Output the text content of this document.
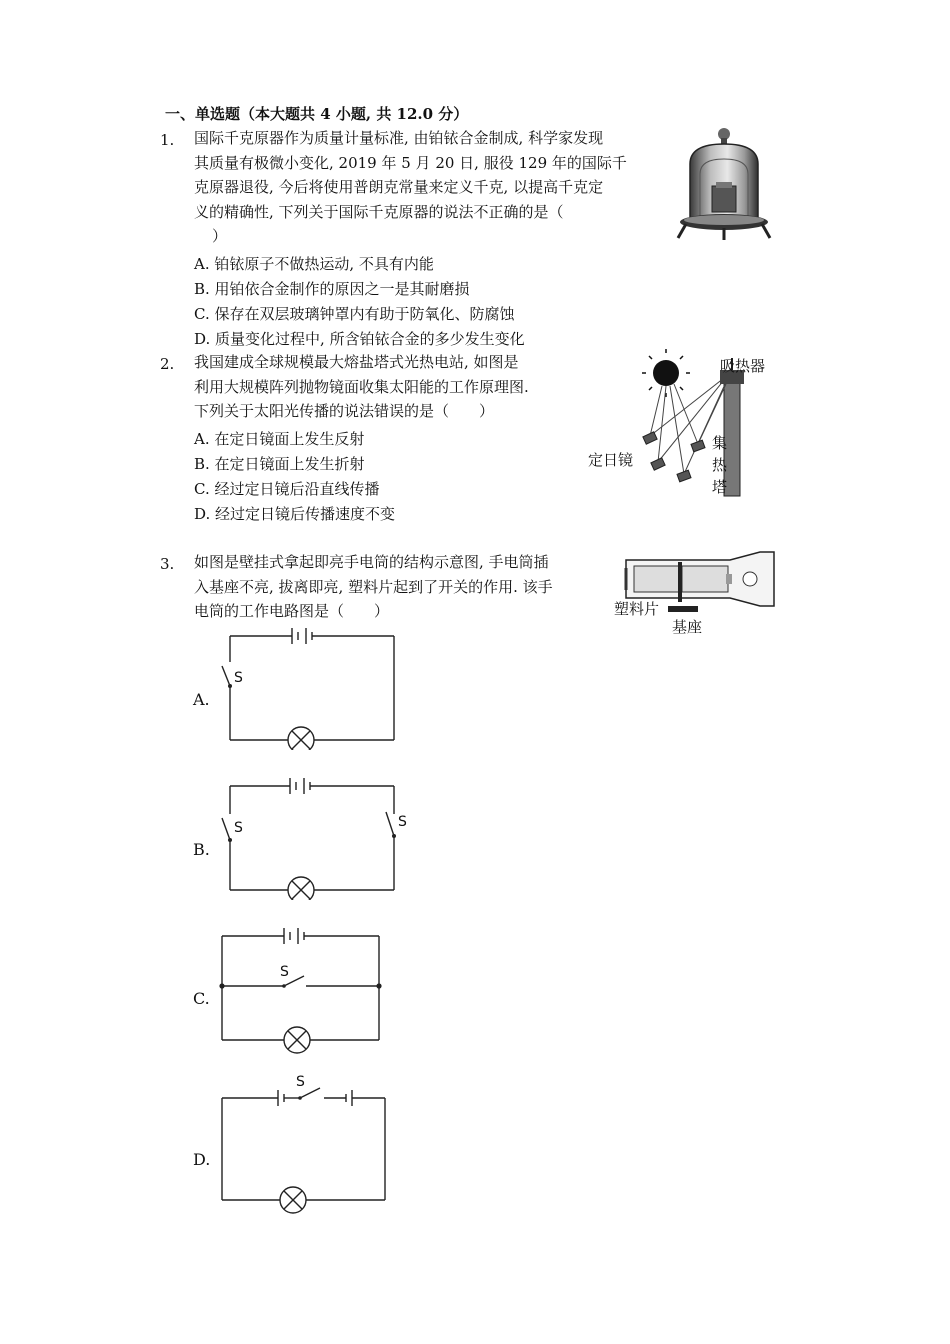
一、单选题（本大题共 4 小题, 共 12.0 分）
1. 国际千克原器作为质量计量标准, 由铂铱合金制成, 科学家发现
其质量有极微小变化, 2019 年 5 月 20 日, 服役 129 年的国际千
克原器退役, 今后将使用普朗克常量来定义千克, 以提高千克定
义的精确性, 下列关于国际千克原器的说法不正确的是（
）
A. 铂铱原子不做热运动, 不具有内能
B. 用铂依合金制作的原因之一是其耐磨损
C. 保存在双层玻璃钟罩内有助于防氧化、防腐蚀
D. 质量变化过程中, 所含铂铱合金的多少发生变化
2. 我国建成全球规模最大熔盐塔式光热电站, 如图是
利用大规模阵列抛物镜面收集太阳能的工作原理图.
下列关于太阳光传播的说法错误的是（　　）
A. 在定日镜面上发生反射
B. 在定日镜面上发生折射
C. 经过定日镜后沿直线传播
D. 经过定日镜后传播速度不变
吸热器
定日镜
集
热
塔
3. 如图是壁挂式拿起即亮手电筒的结构示意图, 手电筒插
入基座不亮, 拔离即亮, 塑料片起到了开关的作用. 该手
电筒的工作电路图是（　　）	塑料片
基座
A.
S
B.
S	S
C.
S
D.
S
